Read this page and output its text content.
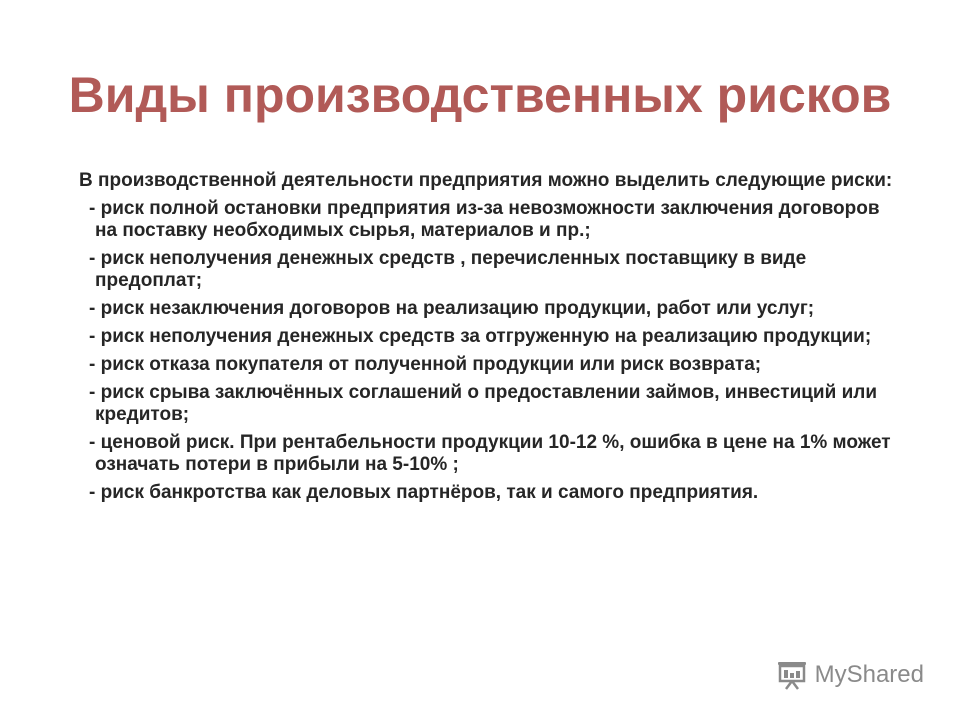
Виды производственных рисков

В производственной деятельности предприятия можно выделить следующие риски:

- риск полной остановки предприятия из-за невозможности заключения договоров на поставку необходимых сырья, материалов и пр.;

- риск неполучения денежных средств , перечисленных поставщику в виде предоплат;

- риск незаключения договоров на реализацию продукции, работ или услуг;

- риск неполучения денежных средств за отгруженную на реализацию продукции;

- риск отказа покупателя от полученной продукции или риск возврата;

- риск срыва заключённых соглашений о предоставлении займов, инвестиций или кредитов;

- ценовой риск. При рентабельности продукции 10-12 %, ошибка в цене на 1% может означать потери в прибыли на 5-10% ;

- риск банкротства как деловых партнёров, так и самого предприятия.

MyShared
